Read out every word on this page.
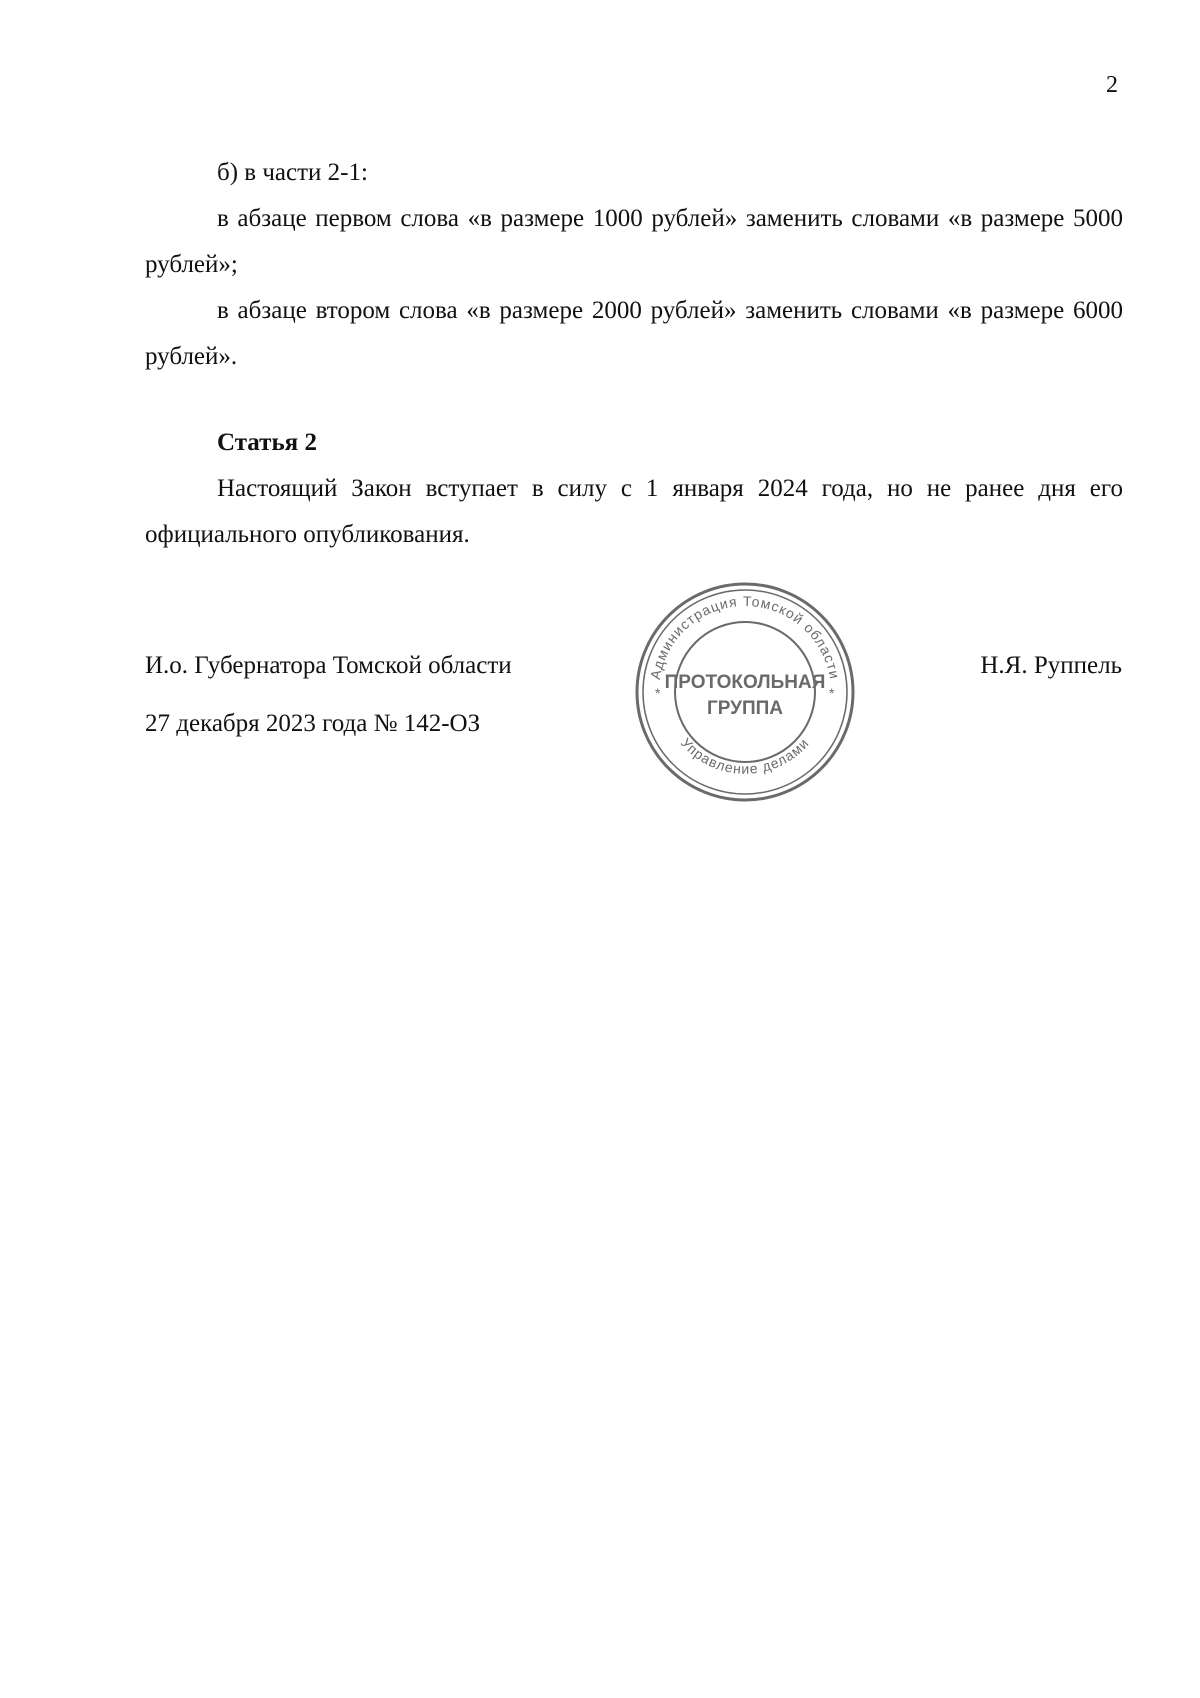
2

б) в части 2-1:

в абзаце первом слова «в размере 1000 рублей» заменить словами «в размере 5000 рублей»;

в абзаце втором слова «в размере 2000 рублей» заменить словами «в размере 6000 рублей».

Статья 2

Настоящий Закон вступает в силу с 1 января 2024 года, но не ранее дня его официального опубликования.

И.о. Губернатора Томской области
27 декабря 2023 года № 142-ОЗ
Н.Я. Руппель
Администрация Томской области
Управление делами
*	*
ПРОТОКОЛЬНАЯ
ГРУППА
